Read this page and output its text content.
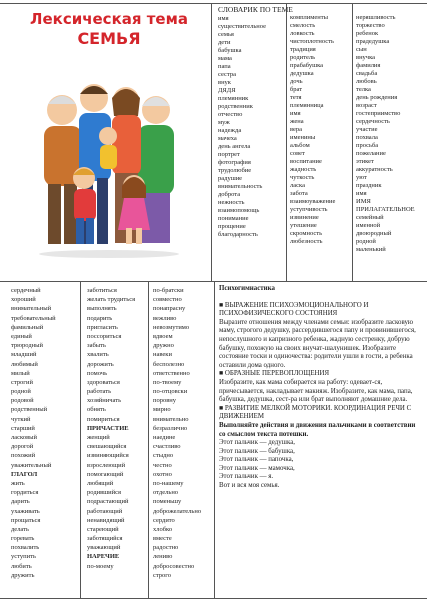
Лексическая тема
СЕМЬЯ
СЛОВАРИК ПО ТЕМЕ
имя
существительное
семья
дети
бабушка
мама
папа
сестра
внук
ДЯДЯ
племянник
родственник
отчество
муж
надежда
мачеха
день ангела
портрет
фотография
трудолюбие
радушие
внимательность
доброта
нежность
взаимопомощь
понимание
прощение
благодарность
комплименты
смелость
ловкость
чистоплотность
традиция
родитель
прабабушка
дедушка
дочь
брат
тетя
племянница
имя
жена
вера
именины
альбом
совет
воспитание
жадность
чуткость
ласка
забота
взаимоуважение
уступчивость
извинение
утешение
скромность
любезность
неряшливость
торжество
ребенок
прадедушка
сын
внучка
фамилия
свадьба
любовь
телка
день рождения
возраст
гостеприимство
сердечность
участие
похвала
просьба
пожелание
этикет
аккуратность
уют
праздник
имя
ИМЯ
ПРИЛАГАТЕЛЬНОЕ
семейный
именной
двоюродный
родной
маленький
сердечный
хороший
внимательный
требовательный
фамильный
единый
трюродный
младший
любимый
милый
строгий
родной
родовой
родственный
чуткий
старший
ласковый
дорогой
похожий
уважительный
ГЛАГОЛ
жить
гордиться
дарить
ухаживать
прощаться
делать
горевать
похвалить
уступить
любить
дружить
заботиться
желать трудиться
выполнять
подарить
пригласить
поссориться
забыть
хвалить
дорожить
помочь
здороваться
работать
хозяйничать
обнять
помириться
ПРИЧАСТИЕ
женщий
свешающийся
извиняющийся
взрослеющий
помогающий
любящий
родившийся
подрастающий
работающий
ненавидящий
стареющий
заботящийся
уважающий
НАРЕЧИЕ
по-моему
по-братски
совместно
понапрасну
вежливо
невозмутимо
вдвоем
дружно
навеки
бесполезно
ответственно
по-твоему
по-отцовски
поровну
мирно
внимательно
безразлично
наедине
счастливо
стыдно
честно
охотно
по-нашему
отдельно
поменьшу
доброжелательно
сердито
хлобко
вместе
радостно
лениво
добросовестно
строго

Психогимнастика

■ ВЫРАЖЕНИЕ ПСИХОЭМОЦИОНАЛЬНОГО И ПСИХОФИЗИЧЕСКОГО СОСТОЯНИЯ

Выразите отношения между членами семьи: изобразите ласковую маму, строгого дедушку, рассердившегося папу и провинившегося, непослушного и капризного ребенка, жадную сестренку, добрую бабушку, похожую на своих внучат-шалунишек. Изобразите состояние тоски и одиночества: родители ушли в гости, а ребенка оставили дома одного.

■ ОБРАЗНЫЕ ПЕРЕВОПЛОЩЕНИЯ

Изобразите, как мама собирается на работу: одевает-ся, причесывается, накладывает макияж. Изобразите, как мама, папа, бабушка, дедушка, сест-ра или брат выполняют домашние дела.

■ РАЗВИТИЕ МЕЛКОЙ МОТОРИКИ. КООРДИНАЦИЯ РЕЧИ С ДВИЖЕНИЕМ

Выполняйте действия и движения пальчиками в соответствии со смыслом текста потешки.

Этот пальчик — дедушка,

Этот пальчик — бабушка,

Этот пальчик — папочка,

Этот пальчик — мамочка,

Этот пальчик — я.

Вот и вся моя семья.
